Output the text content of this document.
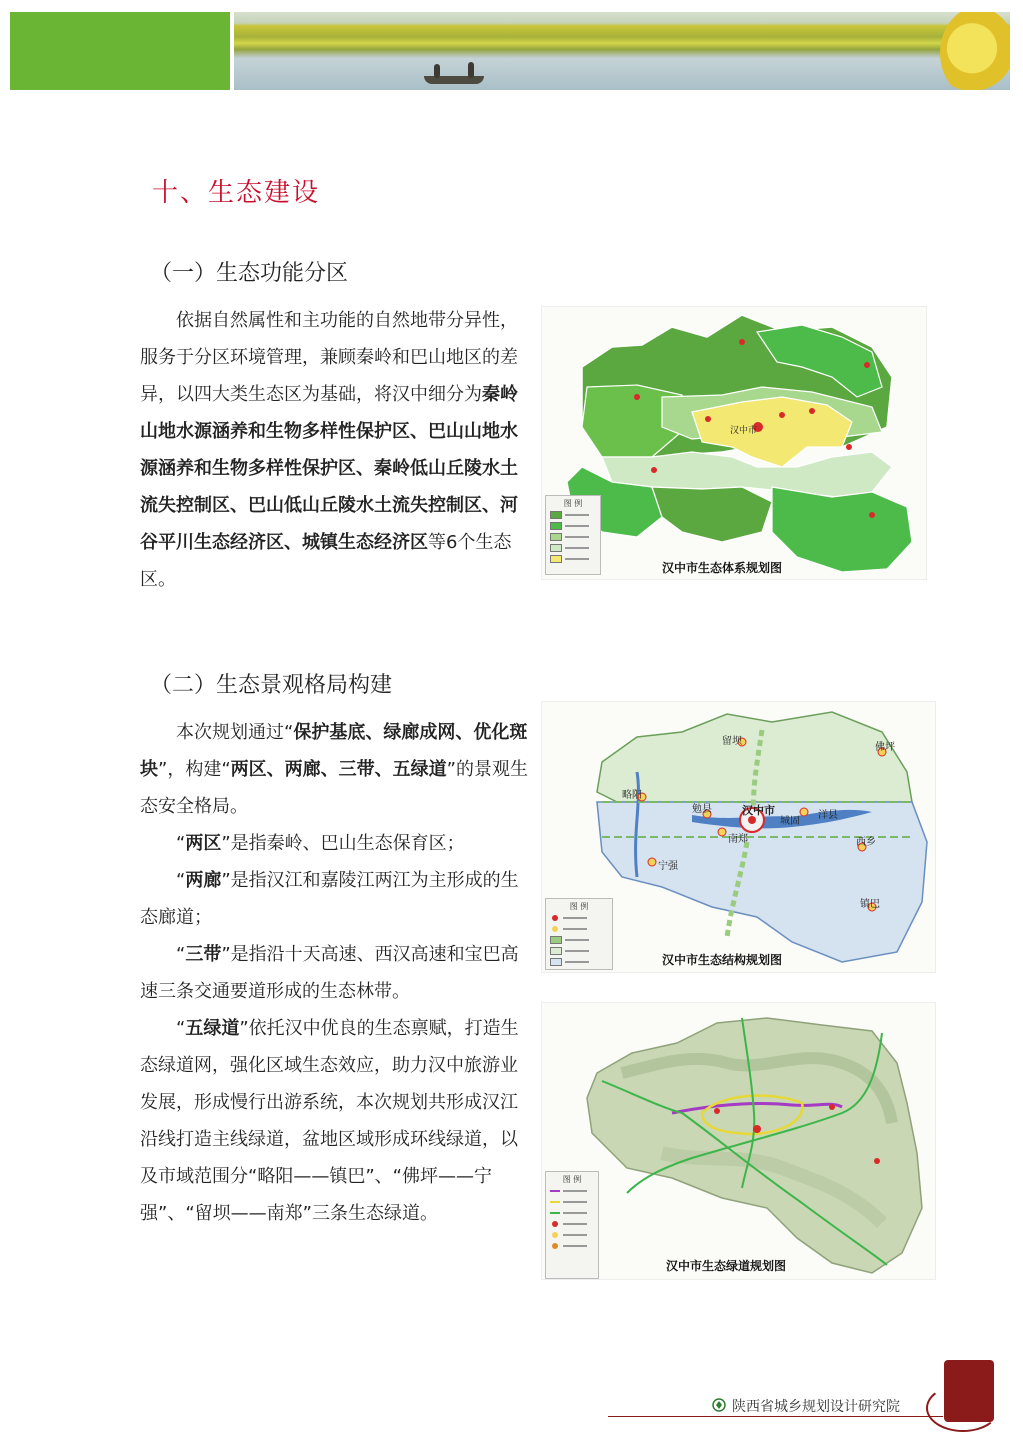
十、生态建设
（一）生态功能分区

依据自然属性和主功能的自然地带分异性，服务于分区环境管理，兼顾秦岭和巴山地区的差异，以四大类生态区为基础，将汉中细分为秦岭山地水源涵养和生物多样性保护区、巴山山地水源涵养和生物多样性保护区、秦岭低山丘陵水土流失控制区、巴山低山丘陵水土流失控制区、河谷平川生态经济区、城镇生态经济区等6个生态区。

汉中市
图 例
汉中市生态体系规划图
（二）生态景观格局构建

本次规划通过“保护基底、绿廊成网、优化斑块”，构建“两区、两廊、三带、五绿道”的景观生态安全格局。

“两区”是指秦岭、巴山生态保育区；

“两廊”是指汉江和嘉陵江两江为主形成的生态廊道；

“三带”是指沿十天高速、西汉高速和宝巴高速三条交通要道形成的生态林带。

“五绿道”依托汉中优良的生态禀赋，打造生态绿道网，强化区域生态效应，助力汉中旅游业发展，形成慢行出游系统，本次规划共形成汉江沿线打造主线绿道，盆地区域形成环线绿道，以及市域范围分“略阳——镇巴”、“佛坪——宁强”、“留坝——南郑”三条生态绿道。

汉中市
留坝
佛坪
略阳
勉县
洋县
南郑
城固
西乡
宁强
镇巴
图 例
汉中市生态结构规划图
图 例
汉中市生态绿道规划图
陕西省城乡规划设计研究院
